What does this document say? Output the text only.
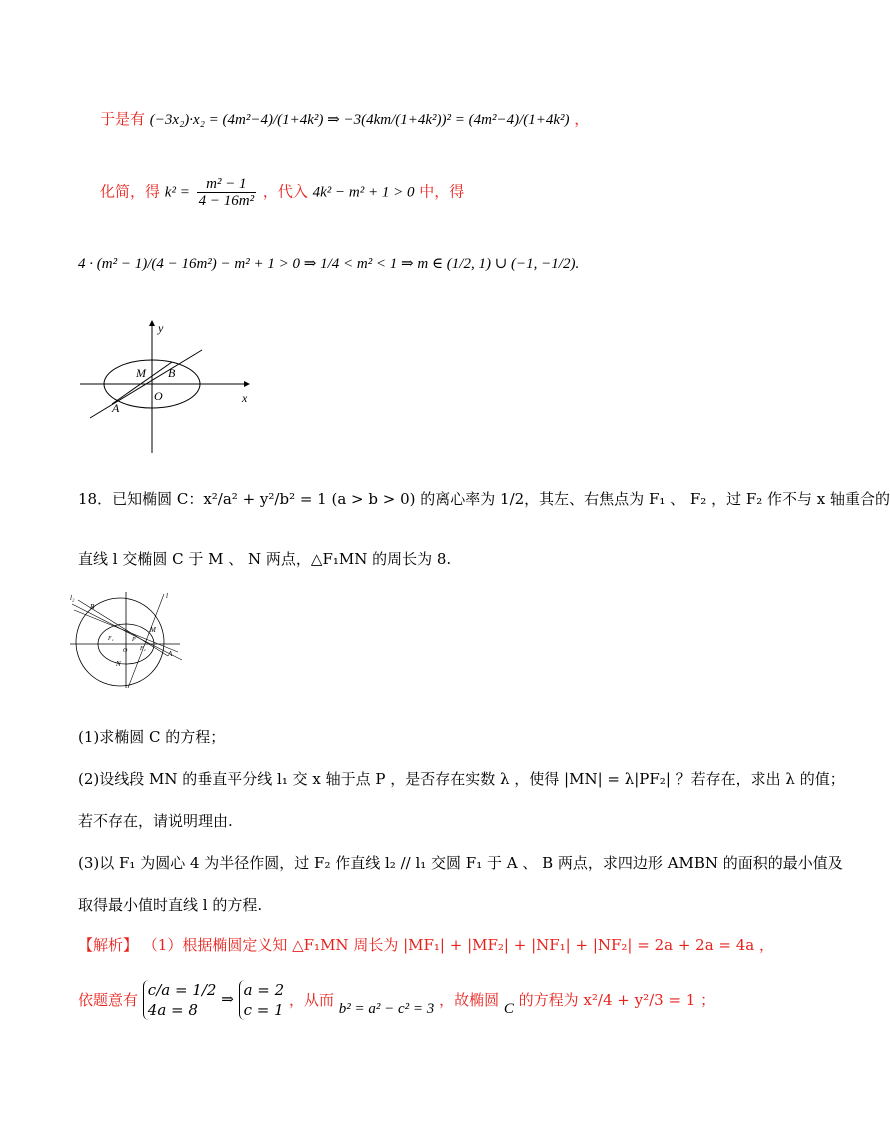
于是有 (−3x₂)·x₂ = (4m²−4)/(1+4k²) ⇒ −3(4km/(1+4k²))² = (4m²−4)/(1+4k²) ，
化简，得 $k^2 = \frac{\text{m² − 1}}{\text{4 − 16m²}}$ ，代入 4k² − m² + 1 > 0 中，得
4 · (m² − 1)/(4 − 16m²) − m² + 1 > 0 ⇒ 1/4 < m² < 1 ⇒ m ∈ (1/2, 1) ∪ (−1, −1/2).
y
M B
O
A
x
18．已知椭圆 C：x²/a² + y²/b² = 1 (a > b > 0) 的离心率为 1/2，其左、右焦点为 F₁ 、 F₂ ，过 F₂ 作不与 x 轴重合的
直线 l 交椭圆 C 于 M 、 N 两点，△F₁MN 的周长为 8.
l₂
B
l
M
F₁
O
P
F₂
A
N
(1)求椭圆 C 的方程；
(2)设线段 MN 的垂直平分线 l₁ 交 x 轴于点 P ，是否存在实数 λ ，使得 |MN| = λ|PF₂| ？若存在，求出 λ 的值；
若不存在，请说明理由.
(3)以 F₁ 为圆心 4 为半径作圆，过 F₂ 作直线 l₂ // l₁ 交圆 F₁ 于 A 、 B 两点，求四边形 AMBN 的面积的最小值及
取得最小值时直线 l 的方程.
【解析】 （1）根据椭圆定义知 △F₁MN 周长为 |MF₁| + |MF₂| + |NF₁| + |NF₂| = 2a + 2a = 4a ，
依题意有
c/a = 1/2
4a = 8
⇒
a = 2
c = 1
，从而 b² = a² − c² = 3 ，故椭圆 C 的方程为 x²/4 + y²/3 = 1 ；
